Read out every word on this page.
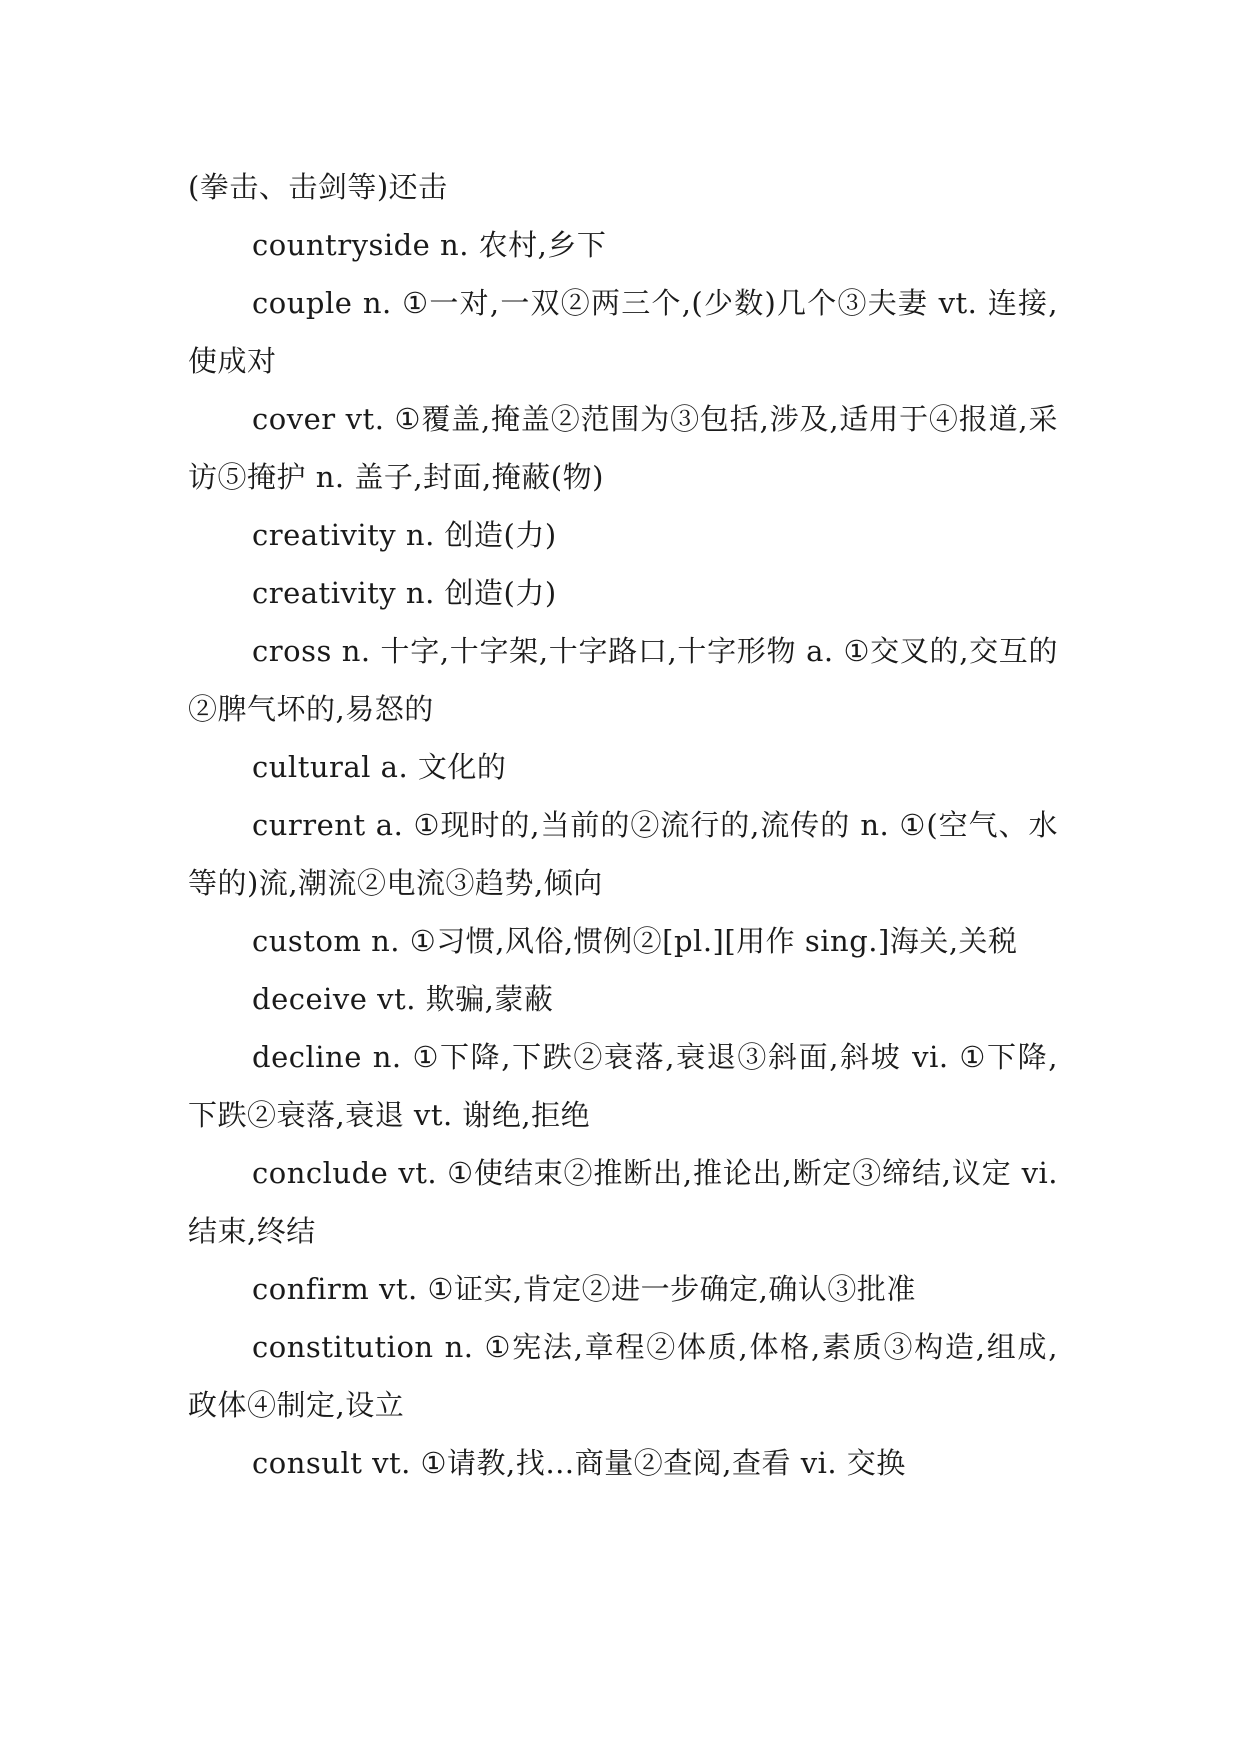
(拳击、击剑等)还击

countryside n. 农村,乡下

couple n. ①一对,一双②两三个,(少数)几个③夫妻 vt. 连接,使成对

cover vt. ①覆盖,掩盖②范围为③包括,涉及,适用于④报道,采访⑤掩护 n. 盖子,封面,掩蔽(物)

creativity n. 创造(力)

creativity n. 创造(力)

cross n. 十字,十字架,十字路口,十字形物 a. ①交叉的,交互的②脾气坏的,易怒的

cultural a. 文化的

current a. ①现时的,当前的②流行的,流传的 n. ①(空气、水等的)流,潮流②电流③趋势,倾向

custom n. ①习惯,风俗,惯例②[pl.][用作 sing.]海关,关税

deceive vt. 欺骗,蒙蔽

decline n. ①下降,下跌②衰落,衰退③斜面,斜坡 vi. ①下降,下跌②衰落,衰退 vt. 谢绝,拒绝

conclude vt. ①使结束②推断出,推论出,断定③缔结,议定 vi. 结束,终结

confirm vt. ①证实,肯定②进一步确定,确认③批准

constitution n. ①宪法,章程②体质,体格,素质③构造,组成,政体④制定,设立

consult vt. ①请教,找…商量②查阅,查看 vi. 交换
